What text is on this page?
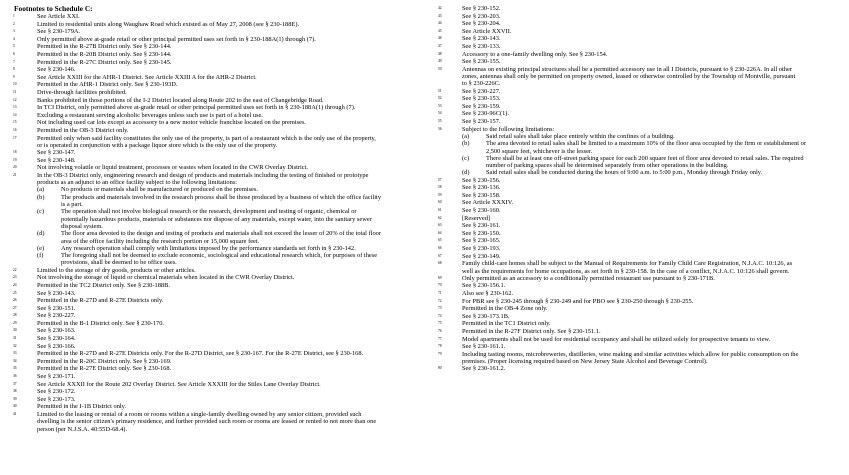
Footnotes to Schedule C:
1	See Article XXI.
2	Limited to residential units along Waughaw Road which existed as of May 27, 2008 (see § 230-188E).
3	See § 230-179A.
4	Only permitted above at-grade retail or other principal permitted uses set forth in § 230-188A(1) through (7).
5	Permitted in the R-27B District only. See § 230-144.
6	Permitted in the R-20B District only. See § 230-144.
7	Permitted in the R-27C District only. See § 230-145.
8	See § 230-146.
9	See Article XXIII for the AHR-1 District. See Article XXIII A for the AHR-2 District.
10	Permitted in the AHR-1 District only. See § 230-193D.
11	Drive-through facilities prohibited.
12	Banks prohibited in those portions of the I-2 District located along Route 202 to the east of Changebridge Road.
13	In TCI District, only permitted above at-grade retail or other principal permitted uses set forth in § 230-188A(1) through (7).
14	Excluding a restaurant serving alcoholic beverages unless such use is part of a hotel use.
15	Not including used car lots except as accessory to a new motor vehicle franchise located on the premises.
16	Permitted in the OB-3 District only.
17	Permitted only when said facility constitutes the only use of the property, is part of a restaurant which is the only use of the property,
or is operated in conjunction with a package liquor store which is the only use of the property.
18	See § 230-147.
19	See § 230-148.
20	Not involving volatile or liquid treatment, processes or wastes when located in the CWR Overlay District.
21	In the OB-3 District only, engineering research and design of products and materials including the testing of finished or prototype
products as an adjunct to an office facility subject to the following limitations:
(a)	No products or materials shall be manufactured or produced on the premises.
(b)	The products and materials involved in the research process shall be those produced by a business of which the office facility
is a part.
(c)	The operation shall not involve biological research or the research, development and testing of organic, chemical or
potentially hazardous products, materials or substances nor dispose of any materials, except water, into the sanitary sewer
disposal system.
(d)	The floor area devoted to the design and testing of products and materials shall not exceed the lesser of 20% of the total floor
area of the office facility including the research portion or 15,000 square feet.
(e)	Any research operation shall comply with limitations imposed by the performance standards set forth in § 230-142.
(f)	The foregoing shall not be deemed to exclude economic, sociological and educational research which, for purposes of these
provisions, shall be deemed to be office uses.
22	Limited to the storage of dry goods, products or other articles.
23	Not involving the storage of liquid or chemical materials when located in the CWR Overlay District.
24	Permitted in the TC2 District only. See § 230-188B.
25	See § 230-143.
26	Permitted in the R-27D and R-27E Districts only.
27	See § 230-151.
28	See § 230-227.
29	Permitted in the B-1 District only. See § 230-170.
30	See § 230-163.
31	See § 230-164.
32	See § 230-166.
33	Permitted in the R-27D and R-27E Districts only. For the R-27D District, see § 230-167. For the R-27E District, see § 230-168.
34	Permitted in the R-20C District only. See § 230-169.
35	Permitted in the R-27E District only. See § 230-168.
36	See § 230-171.
37	See Article XXXII for the Route 202 Overlay District. See Article XXXIII for the Stiles Lane Overlay District.
38	See § 230-172.
39	See § 230-173.
40	Permitted in the I-1B District only.
41	Limited to the leasing or rental of a room or rooms within a single-family dwelling owned by any senior citizen, provided such
dwelling is the senior citizen's primary residence, and further provided such room or rooms are leased or rented to not more than one
person (per N.J.S.A. 40:55D-68.4).
42	See § 230-152.
43	See § 230-203.
44	See § 230-204.
45	See Article XXVII.
46	See § 230-143.
47	See § 230-133.
48	Accessory to a one-family dwelling only. See § 230-154.
49	See § 230-155.
50	Antennas on existing principal structures shall be a permitted accessory use in all I Districts, pursuant to § 230-226A. In all other
zones, antennas shall only be permitted on property owned, leased or otherwise controlled by the Township of Montville, pursuant
to § 230-226C.
51	See § 230-227.
52	See § 230-153.
53	See § 230-159.
54	See § 230-96C(1).
55	See § 230-157.
56	Subject to the following limitations:
(a)	Said retail sales shall take place entirely within the confines of a building.
(b)	The area devoted to retail sales shall be limited to a maximum 10% of the floor area occupied by the firm or establishment or
2,500 square feet, whichever is the lesser.
(c)	There shall be at least one off-street parking space for each 200 square feet of floor area devoted to retail sales. The required
number of parking spaces shall be determined separately from other operations in the building.
(d)	Said retail sales shall be conducted during the hours of 9:00 a.m. to 5:00 p.m., Monday through Friday only.
57	See § 230-156.
58	See § 230-136.
59	See § 230-158.
60	See Article XXXIV.
61	See § 230-160.
62	[Reserved]
63	See § 230-161.
64	See § 230-150.
65	See § 230-165.
66	See § 230-193.
67	See § 230-149.
68	Family child-care homes shall be subject to the Manual of Requirements for Family Child Care Registration, N.J.A.C. 10:126, as
well as the requirements for home occupations, as set forth in § 230-158. In the case of a conflict, N.J.A.C. 10:126 shall govern.
69	Only permitted as an accessory to a conditionally permitted restaurant use pursuant to § 230-171B.
70	See § 230-156.1.
71	Also see § 230-162.
72	For PBR see § 230-245 through § 230-249 and for PBO see § 230-250 through § 230-255.
73	Permitted in the OB-4 Zone only.
74	See § 230-173.1B.
75	Permitted in the TC1 District only.
76	Permitted in the R-27F District only. See § 230-151.1.
77	Model apartments shall not be used for residential occupancy and shall be utilized solely for prospective tenants to view.
78	See § 230-161.1.
79	Including tasting rooms, microbreweries, distilleries, wine making and similar activities which allow for public consumption on the
premises. (Proper licensing required based on New Jersey State Alcohol and Beverage Control).
80	See § 230-161.2.
